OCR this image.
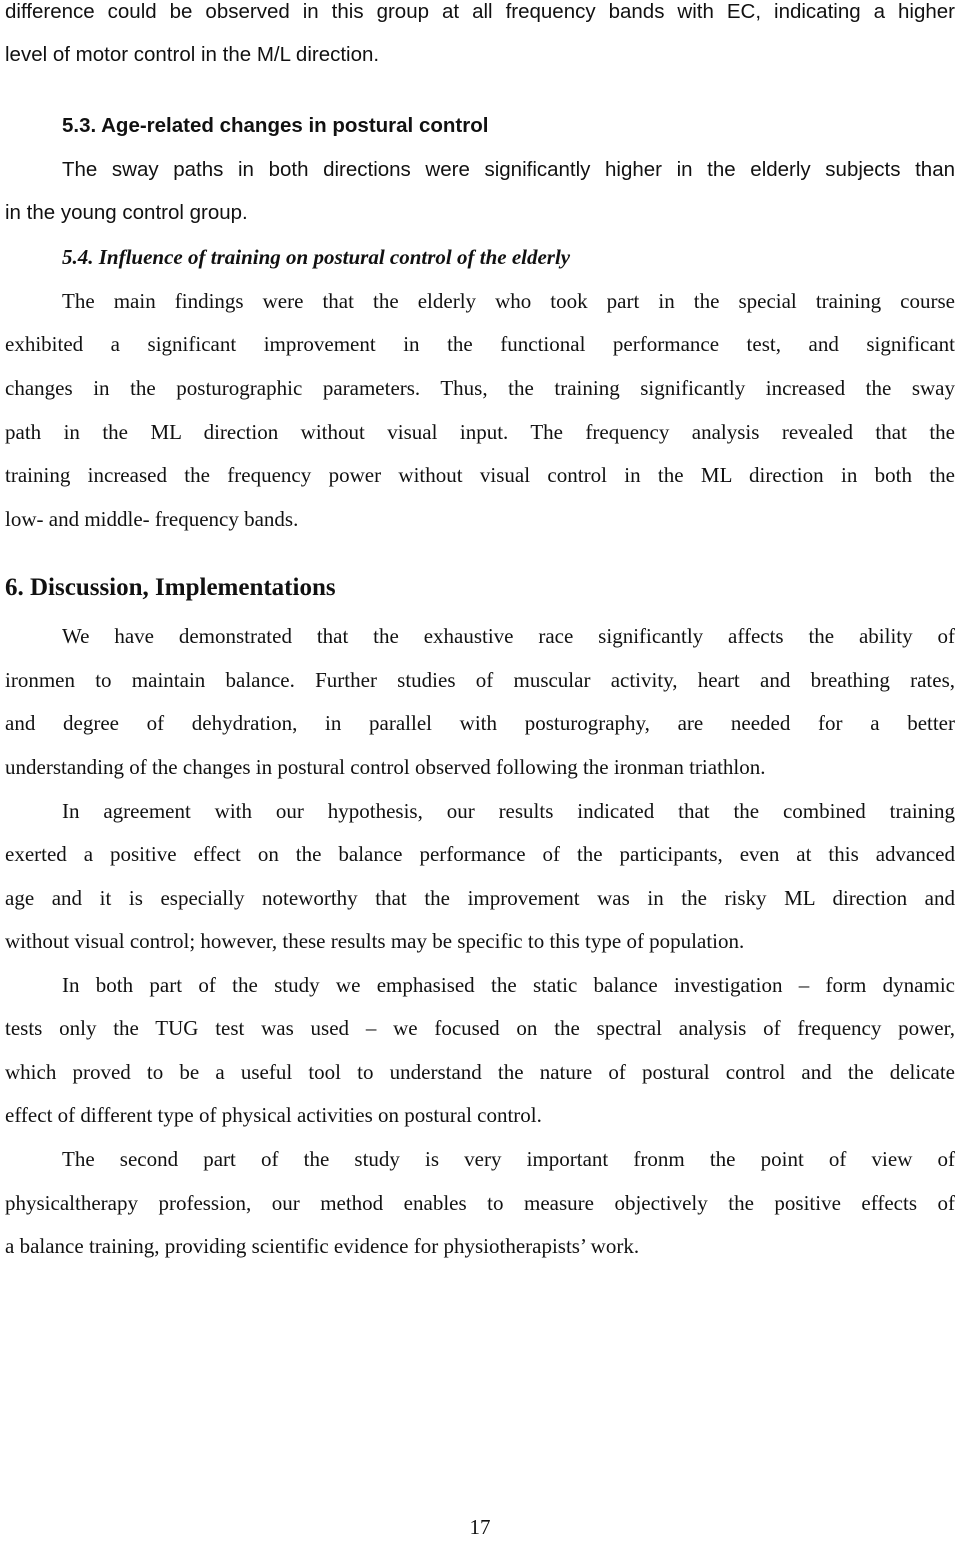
difference could be observed in this group at all frequency bands with EC, indicating a higher
level of motor control in the M/L direction.
5.3. Age-related changes in postural control
The sway paths in both directions were significantly higher in the elderly subjects than
in the young control group.
5.4. Influence of training on postural control of the elderly
The main findings were that the elderly who took part in the special training course
exhibited a significant improvement in the functional performance test, and significant
changes in the posturographic parameters. Thus, the training significantly increased the sway
path in the ML direction without visual input. The frequency analysis revealed that the
training increased the frequency power without visual control in the ML direction in both the
low- and middle- frequency bands.
6. Discussion, Implementations
We have demonstrated that the exhaustive race significantly affects the ability of
ironmen to maintain balance. Further studies of muscular activity, heart and breathing rates,
and degree of dehydration, in parallel with posturography, are needed for a better
understanding of the changes in postural control observed following the ironman triathlon.
In agreement with our hypothesis, our results indicated that the combined training
exerted a positive effect on the balance performance of the participants, even at this advanced
age and it is especially noteworthy that the improvement was in the risky ML direction and
without visual control; however, these results may be specific to this type of population.
In both part of the study we emphasised the static balance investigation – form dynamic
tests only the TUG test was used – we focused on the spectral analysis of frequency power,
which proved to be a useful tool to understand the nature of postural control and the delicate
effect of different type of physical activities on postural control.
The second part of the study is very important fronm the point of view of
physicaltherapy profession, our method enables to measure objectively the positive effects of
a balance training, providing scientific evidence for physiotherapists’ work.
17
